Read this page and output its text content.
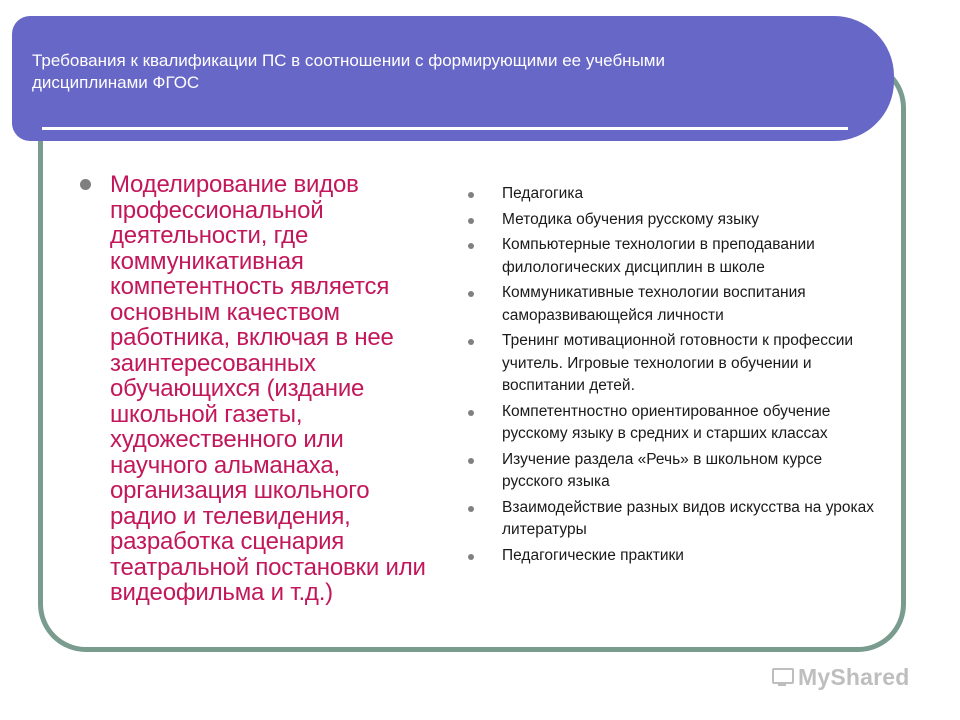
Требования к квалификации ПС в соотношении с формирующими ее учебными
дисциплинами ФГОС
Моделирование видов профессиональной деятельности, где коммуникативная компетентность является основным качеством работника, включая в нее заинтересованных обучающихся (издание школьной газеты, художественного или научного альманаха, организация школьного радио и телевидения, разработка сценария театральной постановки или видеофильма и т.д.)
Педагогика
Методика обучения русскому языку
Компьютерные технологии в преподавании филологических дисциплин в школе
Коммуникативные технологии воспитания саморазвивающейся личности
Тренинг мотивационной готовности к профессии учитель. Игровые технологии в обучении и воспитании детей.
Компетентностно ориентированное обучение русскому языку в средних и старших классах
Изучение раздела «Речь» в школьном курсе русского языка
Взаимодействие разных видов искусства на уроках литературы
Педагогические практики
MyShared
